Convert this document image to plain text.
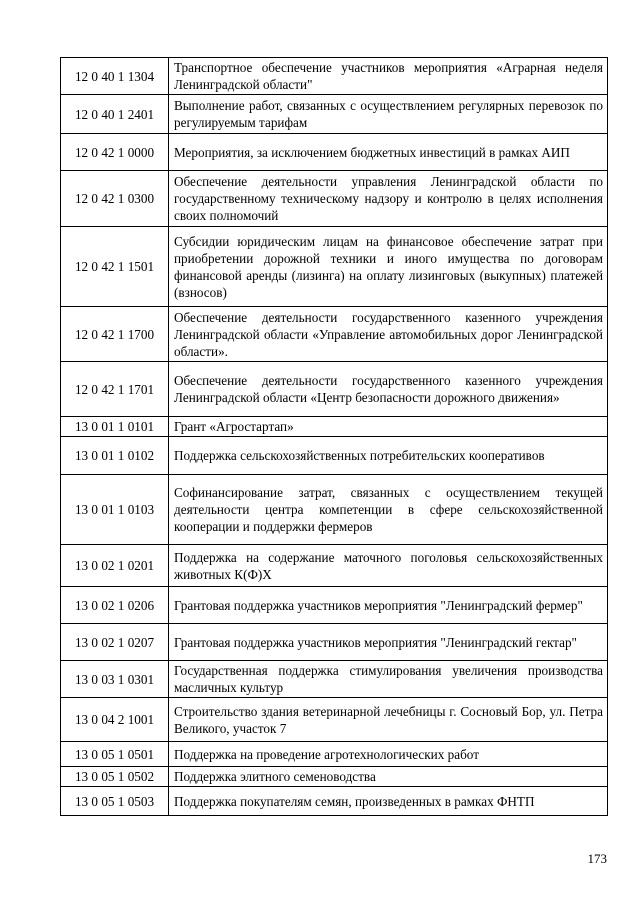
12 0 40 1 1304	Транспортное обеспечение участников мероприятия «Аграрная неделя Ленинградской области"
12 0 40 1 2401	Выполнение работ, связанных с осуществлением регулярных перевозок по регулируемым тарифам
12 0 42 1 0000	Мероприятия, за исключением бюджетных инвестиций в рамках АИП
12 0 42 1 0300	Обеспечение деятельности управления Ленинградской области по государственному техническому надзору и контролю в целях исполнения своих полномочий
12 0 42 1 1501	Субсидии юридическим лицам на финансовое обеспечение затрат при приобретении дорожной техники и иного имущества по договорам финансовой аренды (лизинга) на оплату лизинговых (выкупных) платежей (взносов)
12 0 42 1 1700	Обеспечение деятельности государственного казенного учреждения Ленинградской области «Управление автомобильных дорог Ленинградской области».
12 0 42 1 1701	Обеспечение деятельности государственного казенного учреждения Ленинградской области «Центр безопасности дорожного движения»
13 0 01 1 0101	Грант «Агростартап»
13 0 01 1 0102	Поддержка сельскохозяйственных потребительских кооперативов
13 0 01 1 0103	Софинансирование затрат, связанных с осуществлением текущей деятельности центра компетенции в сфере сельскохозяйственной кооперации и поддержки фермеров
13 0 02 1 0201	Поддержка на содержание маточного поголовья сельскохозяйственных животных К(Ф)Х
13 0 02 1 0206	Грантовая поддержка участников мероприятия "Ленинградский фермер"
13 0 02 1 0207	Грантовая поддержка участников мероприятия "Ленинградский гектар"
13 0 03 1 0301	Государственная поддержка стимулирования увеличения производства масличных культур
13 0 04 2 1001	Строительство здания ветеринарной лечебницы г. Сосновый Бор, ул. Петра Великого, участок 7
13 0 05 1 0501	Поддержка на проведение агротехнологических работ
13 0 05 1 0502	Поддержка элитного семеноводства
13 0 05 1 0503	Поддержка покупателям семян, произведенных в рамках ФНТП
173
